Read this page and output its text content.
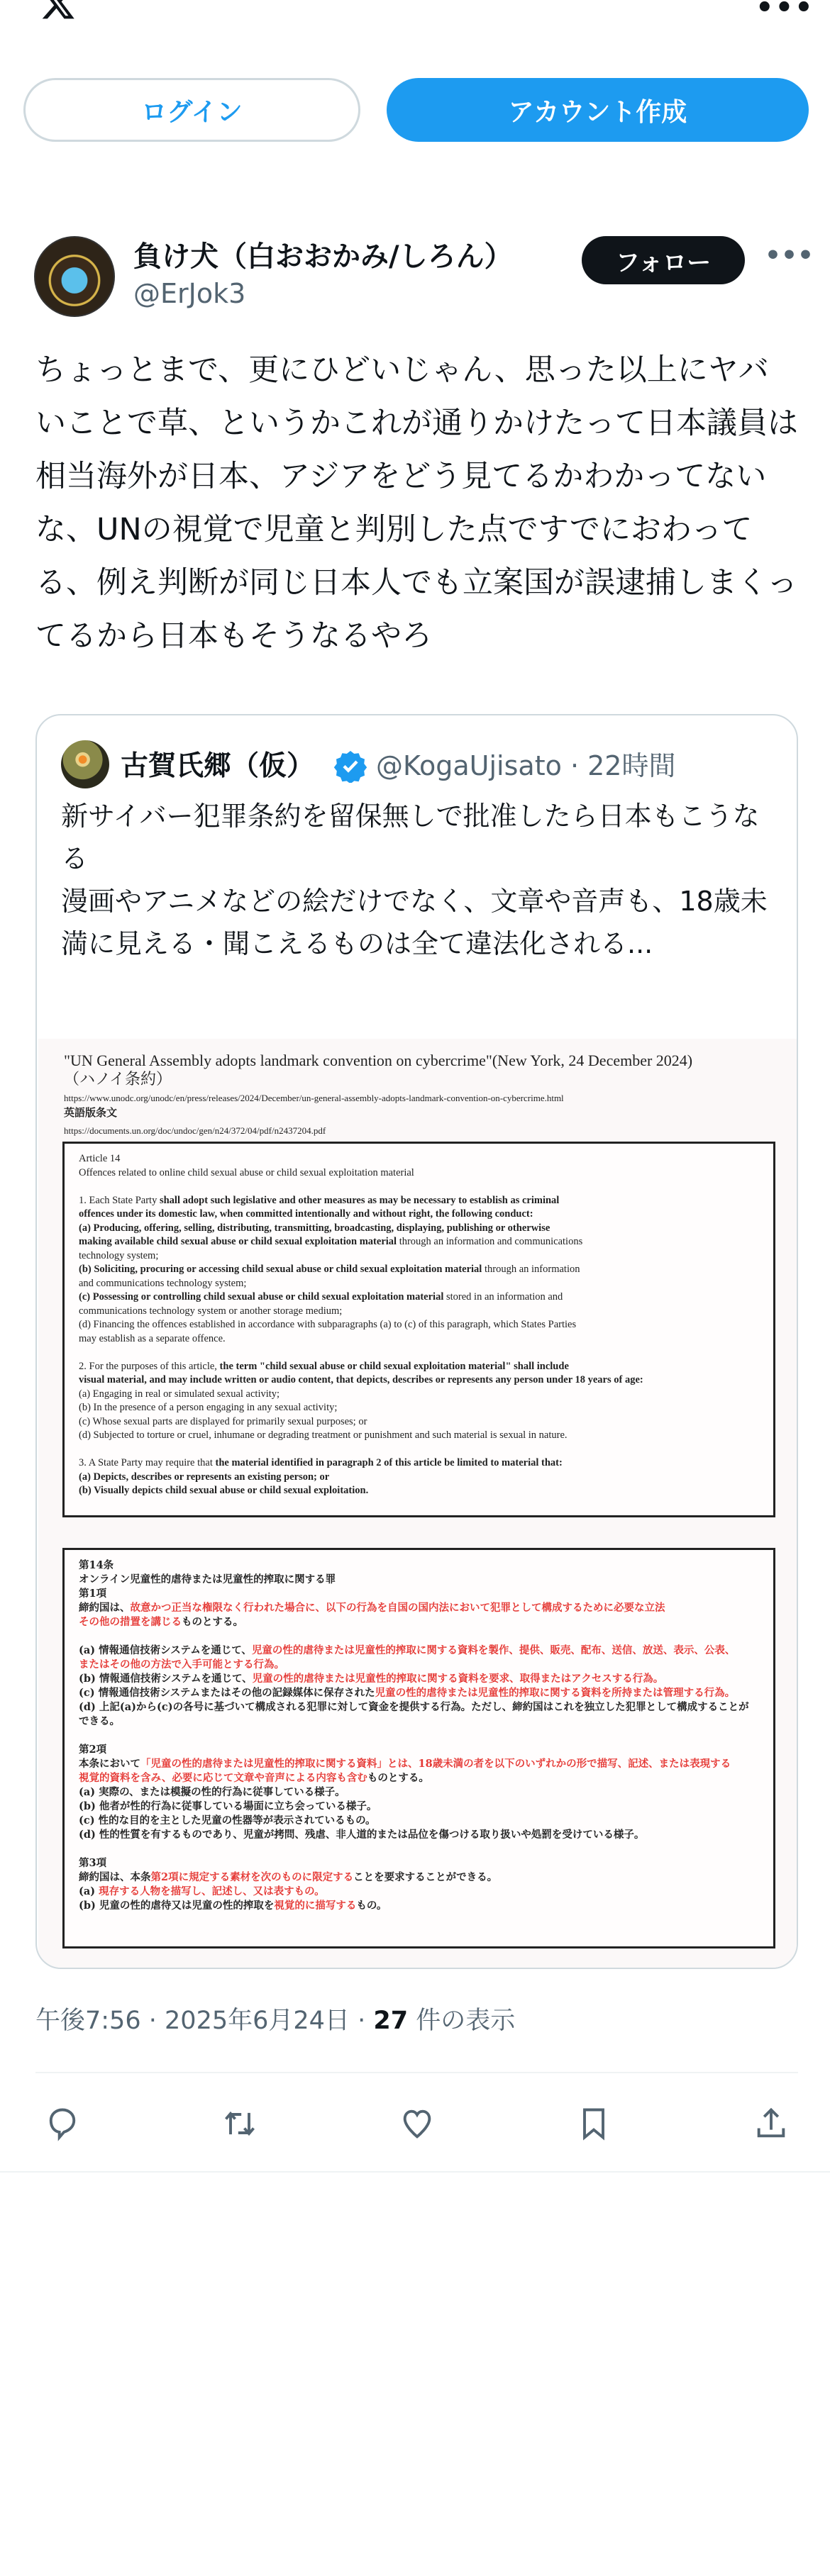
•••
ログイン	アカウント作成
負け犬（白おおかみ/しろん）
@ErJok3
フォロー	•••
ちょっとまで、更にひどいじゃん、思った以上にヤバいことで草、というかこれが通りかけたって日本議員は相当海外が日本、アジアをどう見てるかわかってないな、UNの視覚で児童と判別した点ですでにおわってる、例え判断が同じ日本人でも立案国が誤逮捕しまくってるから日本もそうなるやろ
古賀氏郷（仮） @KogaUjisato · 22時間
新サイバー犯罪条約を留保無しで批准したら日本もこうなる
漫画やアニメなどの絵だけでなく、文章や音声も、18歳未満に見える・聞こえるものは全て違法化される...
"UN General Assembly adopts landmark convention on cybercrime"(New York, 24 December 2024)
（ハノイ条約）
https://www.unodc.org/unodc/en/press/releases/2024/December/un-general-assembly-adopts-landmark-convention-on-cybercrime.html
英語版条文
https://documents.un.org/doc/undoc/gen/n24/372/04/pdf/n2437204.pdf
Article 14
Offences related to online child sexual abuse or child sexual exploitation material
1. Each State Party shall adopt such legislative and other measures as may be necessary to establish as criminal
offences under its domestic law, when committed intentionally and without right, the following conduct:
(a) Producing, offering, selling, distributing, transmitting, broadcasting, displaying, publishing or otherwise
making available child sexual abuse or child sexual exploitation material through an information and communications
technology system;
(b) Soliciting, procuring or accessing child sexual abuse or child sexual exploitation material through an information
and communications technology system;
(c) Possessing or controlling child sexual abuse or child sexual exploitation material stored in an information and
communications technology system or another storage medium;
(d) Financing the offences established in accordance with subparagraphs (a) to (c) of this paragraph, which States Parties
may establish as a separate offence.
2. For the purposes of this article, the term "child sexual abuse or child sexual exploitation material" shall include
visual material, and may include written or audio content, that depicts, describes or represents any person under 18 years of age:
(a) Engaging in real or simulated sexual activity;
(b) In the presence of a person engaging in any sexual activity;
(c) Whose sexual parts are displayed for primarily sexual purposes; or
(d) Subjected to torture or cruel, inhumane or degrading treatment or punishment and such material is sexual in nature.
3. A State Party may require that the material identified in paragraph 2 of this article be limited to material that:
(a) Depicts, describes or represents an existing person; or
(b) Visually depicts child sexual abuse or child sexual exploitation.
第14条
オンライン児童性的虐待または児童性的搾取に関する罪
第1項
締約国は、故意かつ正当な権限なく行われた場合に、以下の行為を自国の国内法において犯罪として構成するために必要な立法
その他の措置を講じるものとする。
(a) 情報通信技術システムを通じて、児童の性的虐待または児童性的搾取に関する資料を製作、提供、販売、配布、送信、放送、表示、公表、
またはその他の方法で入手可能とする行為。
(b) 情報通信技術システムを通じて、児童の性的虐待または児童性的搾取に関する資料を要求、取得またはアクセスする行為。
(c) 情報通信技術システムまたはその他の記録媒体に保存された児童の性的虐待または児童性的搾取に関する資料を所持または管理する行為。
(d) 上記(a)から(c)の各号に基づいて構成される犯罪に対して資金を提供する行為。ただし、締約国はこれを独立した犯罪として構成することが
できる。
第2項
本条において「児童の性的虐待または児童性的搾取に関する資料」とは、18歳未満の者を以下のいずれかの形で描写、記述、または表現する
視覚的資料を含み、必要に応じて文章や音声による内容も含むものとする。
(a) 実際の、または模擬の性的行為に従事している様子。
(b) 他者が性的行為に従事している場面に立ち会っている様子。
(c) 性的な目的を主とした児童の性器等が表示されているもの。
(d) 性的性質を有するものであり、児童が拷問、残虐、非人道的または品位を傷つける取り扱いや処罰を受けている様子。
第3項
締約国は、本条第2項に規定する素材を次のものに限定することを要求することができる。
(a) 現存する人物を描写し、記述し、又は表すもの。
(b) 児童の性的虐待又は児童の性的搾取を視覚的に描写するもの。
午後7:56 · 2025年6月24日 · 27 件の表示
